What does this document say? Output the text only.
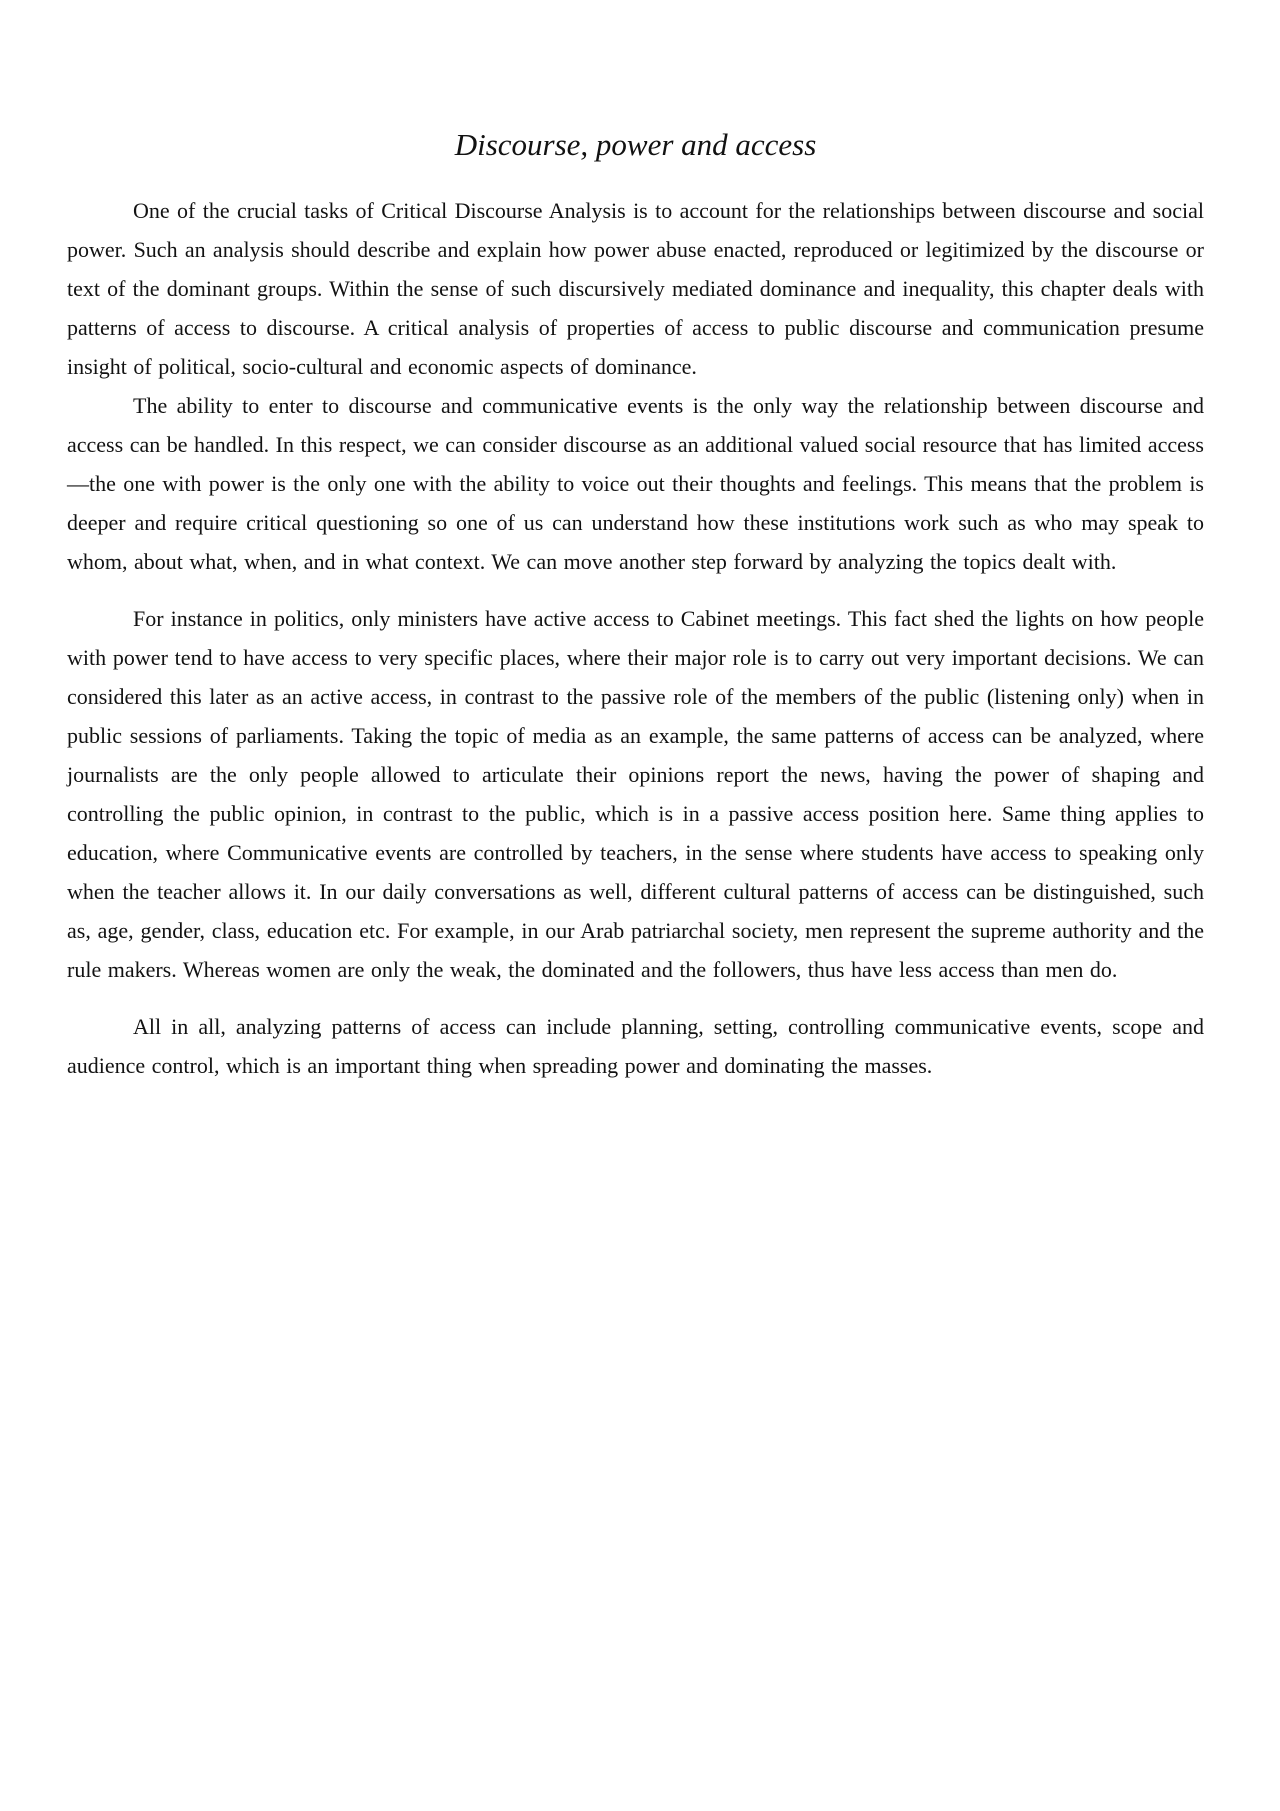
Discourse, power and access

One of the crucial tasks of Critical Discourse Analysis is to account for the relationships between discourse and social power. Such an analysis should describe and explain how power abuse enacted, reproduced or legitimized by the discourse or text of the dominant groups. Within the sense of such discursively mediated dominance and inequality, this chapter deals with patterns of access to discourse. A critical analysis of properties of access to public discourse and communication presume insight of political, socio-cultural and economic aspects of dominance.

The ability to enter to discourse and communicative events is the only way the relationship between discourse and access can be handled. In this respect, we can consider discourse as an additional valued social resource that has limited access—the one with power is the only one with the ability to voice out their thoughts and feelings. This means that the problem is deeper and require critical questioning so one of us can understand how these institutions work such as who may speak to whom, about what, when, and in what context. We can move another step forward by analyzing the topics dealt with.

For instance in politics, only ministers have active access to Cabinet meetings. This fact shed the lights on how people with power tend to have access to very specific places, where their major role is to carry out very important decisions. We can considered this later as an active access, in contrast to the passive role of the members of the public (listening only) when in public sessions of parliaments. Taking the topic of media as an example, the same patterns of access can be analyzed, where journalists are the only people allowed to articulate their opinions report the news, having the power of shaping and controlling the public opinion, in contrast to the public, which is in a passive access position here. Same thing applies to education, where Communicative events are controlled by teachers, in the sense where students have access to speaking only when the teacher allows it. In our daily conversations as well, different cultural patterns of access can be distinguished, such as, age, gender, class, education etc. For example, in our Arab patriarchal society, men represent the supreme authority and the rule makers. Whereas women are only the weak, the dominated and the followers, thus have less access than men do.

All in all, analyzing patterns of access can include planning, setting, controlling communicative events, scope and audience control, which is an important thing when spreading power and dominating the masses.
